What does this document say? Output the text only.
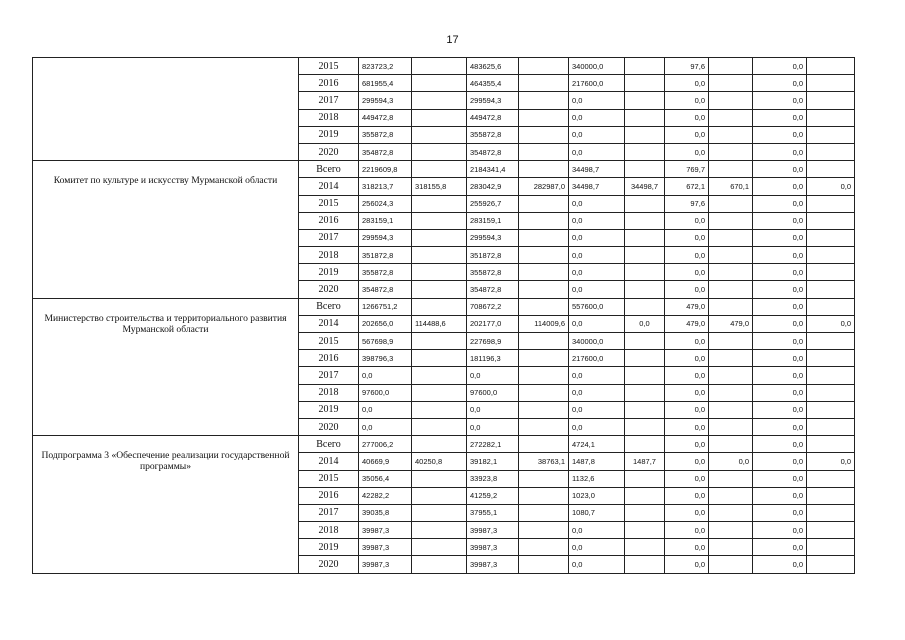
17
	2015	823723,2		483625,6		340000,0		97,6		0,0	
	2016	681955,4		464355,4		217600,0		0,0		0,0	
	2017	299594,3		299594,3		0,0		0,0		0,0	
	2018	449472,8		449472,8		0,0		0,0		0,0	
	2019	355872,8		355872,8		0,0		0,0		0,0	
	2020	354872,8		354872,8		0,0		0,0		0,0	
Комитет по культуре и искусству Мурманской области	Всего	2219609,8		2184341,4		34498,7		769,7		0,0	
	2014	318213,7	318155,8	283042,9	282987,0	34498,7	34498,7	672,1	670,1	0,0	0,0
	2015	256024,3		255926,7		0,0		97,6		0,0	
	2016	283159,1		283159,1		0,0		0,0		0,0	
	2017	299594,3		299594,3		0,0		0,0		0,0	
	2018	351872,8		351872,8		0,0		0,0		0,0	
	2019	355872,8		355872,8		0,0		0,0		0,0	
	2020	354872,8		354872,8		0,0		0,0		0,0	
Министерство строительства и территориального развития Мурманской области	Всего	1266751,2		708672,2		557600,0		479,0		0,0	
	2014	202656,0	114488,6	202177,0	114009,6	0,0	0,0	479,0	479,0	0,0	0,0
	2015	567698,9		227698,9		340000,0		0,0		0,0	
	2016	398796,3		181196,3		217600,0		0,0		0,0	
	2017	0,0		0,0		0,0		0,0		0,0	
	2018	97600,0		97600,0		0,0		0,0		0,0	
	2019	0,0		0,0		0,0		0,0		0,0	
	2020	0,0		0,0		0,0		0,0		0,0	
Подпрограмма 3 «Обеспечение реализации государственной программы»	Всего	277006,2		272282,1		4724,1		0,0		0,0	
	2014	40669,9	40250,8	39182,1	38763,1	1487,8	1487,7	0,0	0,0	0,0	0,0
	2015	35056,4		33923,8		1132,6		0,0		0,0	
	2016	42282,2		41259,2		1023,0		0,0		0,0	
	2017	39035,8		37955,1		1080,7		0,0		0,0	
	2018	39987,3		39987,3		0,0		0,0		0,0	
	2019	39987,3		39987,3		0,0		0,0		0,0	
	2020	39987,3		39987,3		0,0		0,0		0,0	
